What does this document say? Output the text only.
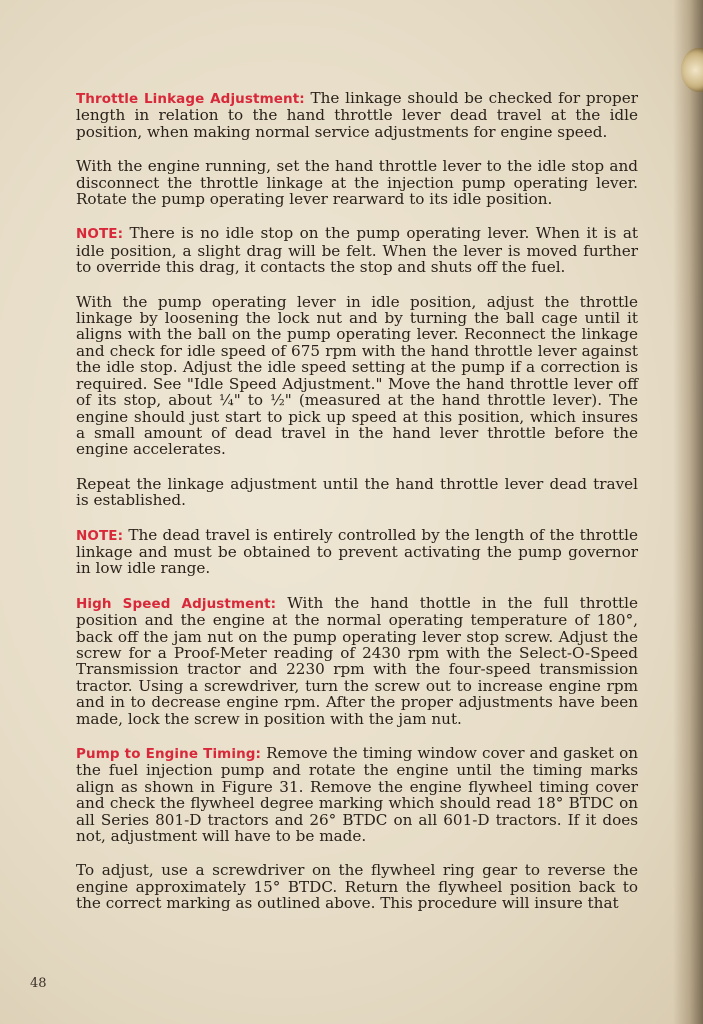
Throttle Linkage Adjustment: The linkage should be checked for proper length in relation to the hand throttle lever dead travel at the idle position, when making normal service adjustments for engine speed.

With the engine running, set the hand throttle lever to the idle stop and disconnect the throttle linkage at the injection pump operating lever. Rotate the pump operating lever rearward to its idle position.

NOTE: There is no idle stop on the pump operating lever. When it is at idle position, a slight drag will be felt. When the lever is moved further to override this drag, it contacts the stop and shuts off the fuel.

With the pump operating lever in idle position, adjust the throttle linkage by loosening the lock nut and by turning the ball cage until it aligns with the ball on the pump operating lever. Reconnect the linkage and check for idle speed of 675 rpm with the hand throttle lever against the idle stop. Adjust the idle speed setting at the pump if a correction is required. See "Idle Speed Adjustment." Move the hand throttle lever off of its stop, about ¼" to ½" (measured at the hand throttle lever). The engine should just start to pick up speed at this position, which insures a small amount of dead travel in the hand lever throttle before the engine accelerates.

Repeat the linkage adjustment until the hand throttle lever dead travel is established.

NOTE: The dead travel is entirely controlled by the length of the throttle linkage and must be obtained to prevent activating the pump governor in low idle range.

High Speed Adjustment: With the hand thottle in the full throttle position and the engine at the normal operating temperature of 180°, back off the jam nut on the pump operating lever stop screw. Adjust the screw for a Proof-Meter reading of 2430 rpm with the Select-O-Speed Transmission tractor and 2230 rpm with the four-speed transmission tractor. Using a screwdriver, turn the screw out to increase engine rpm and in to decrease engine rpm. After the proper adjustments have been made, lock the screw in position with the jam nut.

Pump to Engine Timing: Remove the timing window cover and gasket on the fuel injection pump and rotate the engine until the timing marks align as shown in Figure 31. Remove the engine flywheel timing cover and check the flywheel degree marking which should read 18° BTDC on all Series 801-D tractors and 26° BTDC on all 601-D tractors. If it does not, adjustment will have to be made.

To adjust, use a screwdriver on the flywheel ring gear to reverse the engine approximately 15° BTDC. Return the flywheel position back to the correct marking as outlined above. This procedure will insure that

48
